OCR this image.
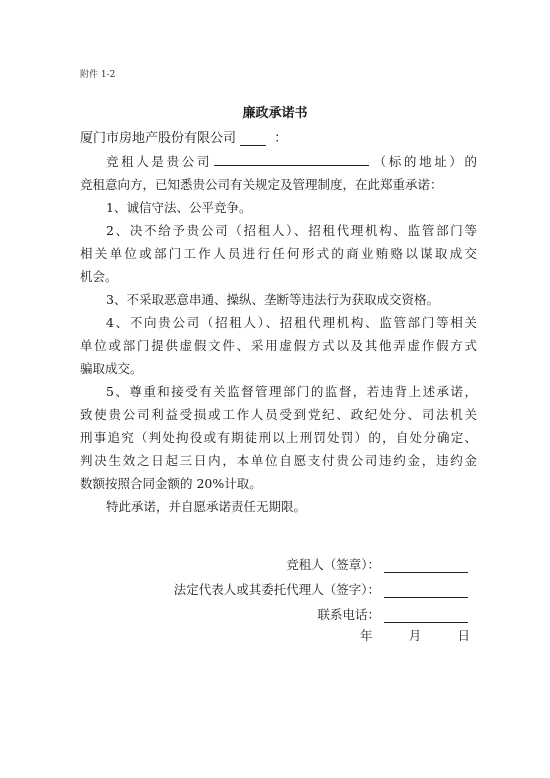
附件 1-2
廉政承诺书
厦门市房地产股份有限公司	：

竞租人是贵公司	（标的地址）的

竞租意向方，已知悉贵公司有关规定及管理制度，在此郑重承诺：

1、诚信守法、公平竞争。

2、决不给予贵公司（招租人）、招租代理机构、监管部门等

相关单位或部门工作人员进行任何形式的商业贿赂以谋取成交

机会。

3、不采取恶意串通、操纵、垄断等违法行为获取成交资格。

4、不向贵公司（招租人）、招租代理机构、监管部门等相关

单位或部门提供虚假文件、采用虚假方式以及其他弄虚作假方式

骗取成交。

5、尊重和接受有关监督管理部门的监督，若违背上述承诺，

致使贵公司利益受损或工作人员受到党纪、政纪处分、司法机关

刑事追究（判处拘役或有期徒刑以上刑罚处罚）的，自处分确定、

判决生效之日起三日内，本单位自愿支付贵公司违约金，违约金

数额按照合同金额的 20%计取。

特此承诺，并自愿承诺责任无期限。

竞租人（签章）：
法定代表人或其委托代理人（签字）：
联系电话：
年	月	日
